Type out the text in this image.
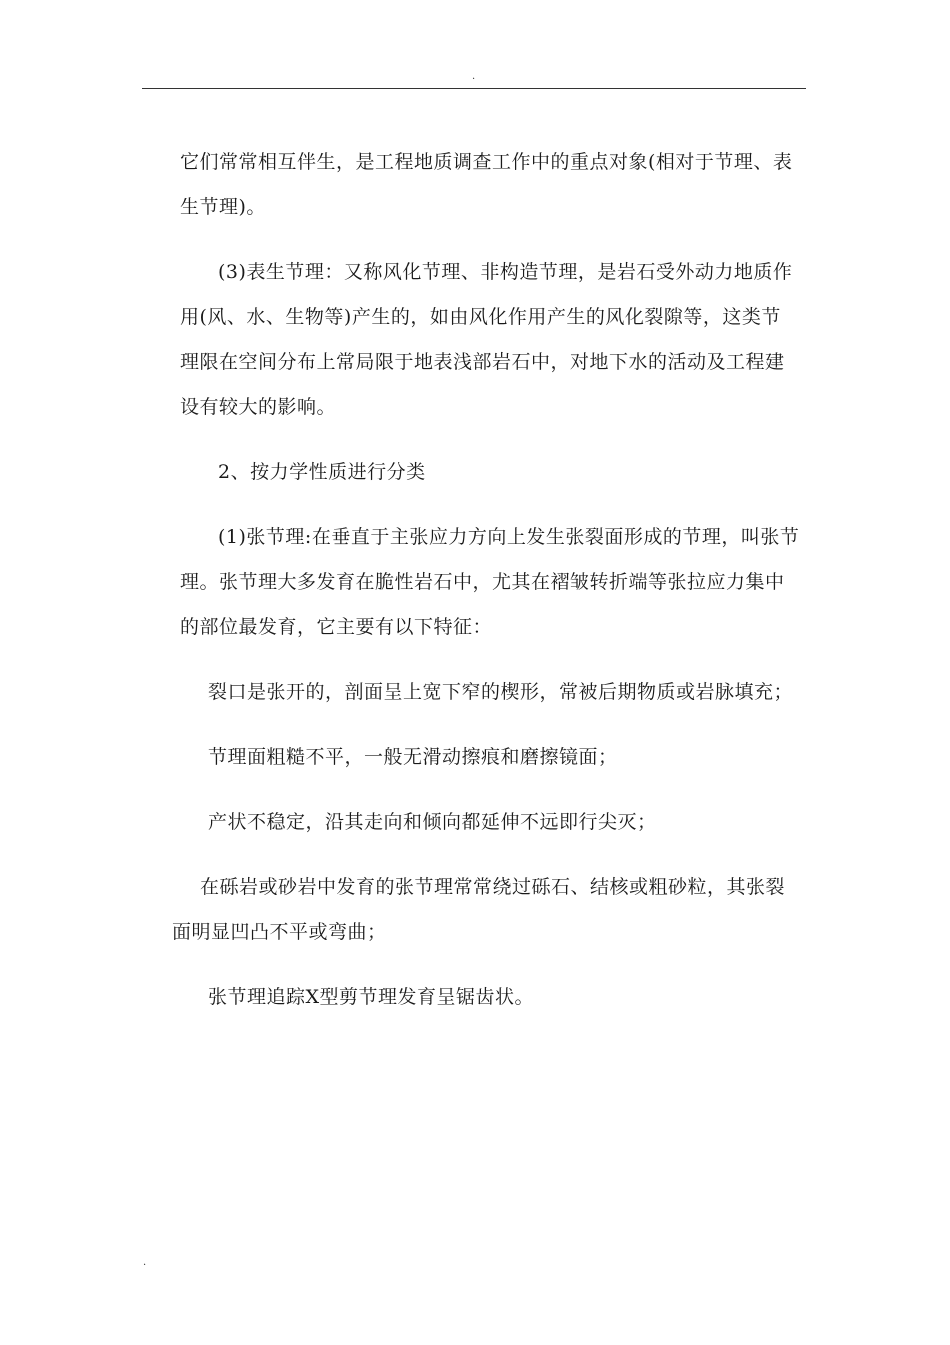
.

它们常常相互伴生，是工程地质调查工作中的重点对象(相对于节理、表生节理)。

(3)表生节理：又称风化节理、非构造节理，是岩石受外动力地质作用(风、水、生物等)产生的，如由风化作用产生的风化裂隙等，这类节理限在空间分布上常局限于地表浅部岩石中，对地下水的活动及工程建设有较大的影响。

2、按力学性质进行分类

(1)张节理:在垂直于主张应力方向上发生张裂面形成的节理，叫张节理。张节理大多发育在脆性岩石中，尤其在褶皱转折端等张拉应力集中的部位最发育，它主要有以下特征：

裂口是张开的，剖面呈上宽下窄的楔形，常被后期物质或岩脉填充；

节理面粗糙不平，一般无滑动擦痕和磨擦镜面；

产状不稳定，沿其走向和倾向都延伸不远即行尖灭；

在砾岩或砂岩中发育的张节理常常绕过砾石、结核或粗砂粒，其张裂面明显凹凸不平或弯曲；

张节理追踪X型剪节理发育呈锯齿状。

.
